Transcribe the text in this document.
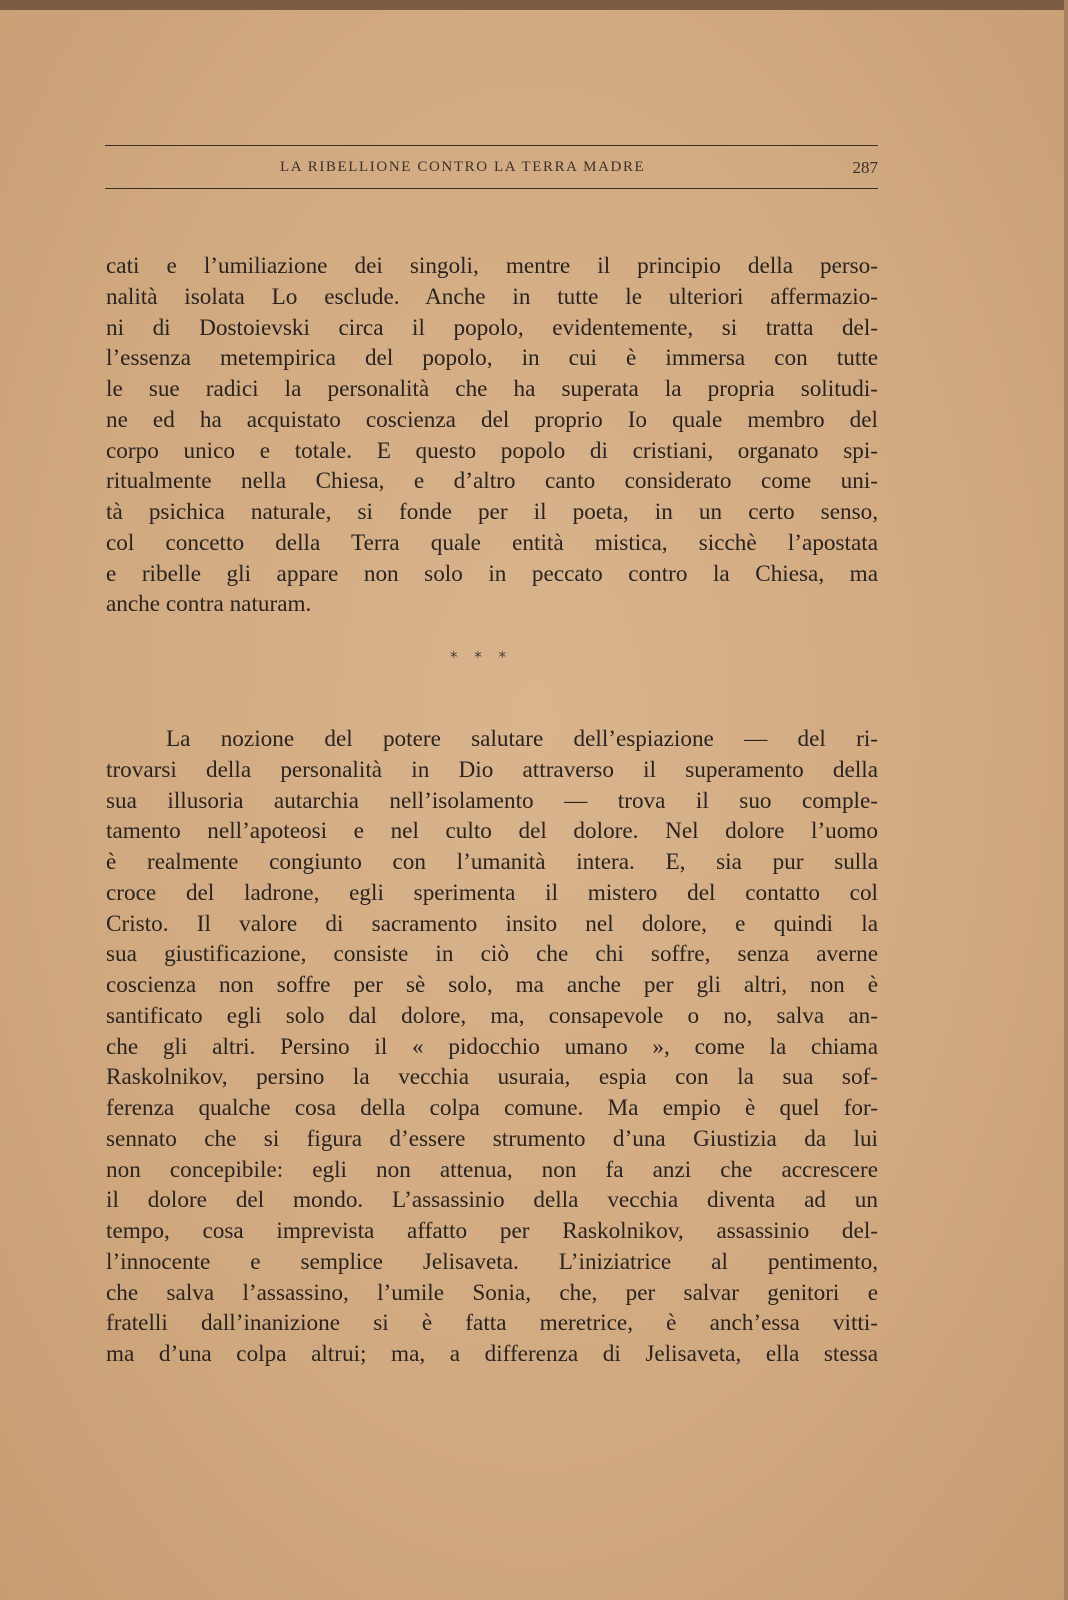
LA RIBELLIONE CONTRO LA TERRA MADRE	287
cati e l’umiliazione dei singoli, mentre il principio della perso-
nalità isolata Lo esclude. Anche in tutte le ulteriori affermazio-
ni di Dostoievski circa il popolo, evidentemente, si tratta del-
l’essenza metempirica del popolo, in cui è immersa con tutte
le sue radici la personalità che ha superata la propria solitudi-
ne ed ha acquistato coscienza del proprio Io quale membro del
corpo unico e totale. E questo popolo di cristiani, organato spi-
ritualmente nella Chiesa, e d’altro canto considerato come uni-
tà psichica naturale, si fonde per il poeta, in un certo senso,
col concetto della Terra quale entità mistica, sicchè l’apostata
e ribelle gli appare non solo in peccato contro la Chiesa, ma
anche contra naturam.
* * *
La nozione del potere salutare dell’espiazione — del ri-
trovarsi della personalità in Dio attraverso il superamento della
sua illusoria autarchia nell’isolamento — trova il suo comple-
tamento nell’apoteosi e nel culto del dolore. Nel dolore l’uomo
è realmente congiunto con l’umanità intera. E, sia pur sulla
croce del ladrone, egli sperimenta il mistero del contatto col
Cristo. Il valore di sacramento insito nel dolore, e quindi la
sua giustificazione, consiste in ciò che chi soffre, senza averne
coscienza non soffre per sè solo, ma anche per gli altri, non è
santificato egli solo dal dolore, ma, consapevole o no, salva an-
che gli altri. Persino il « pidocchio umano », come la chiama
Raskolnikov, persino la vecchia usuraia, espia con la sua sof-
ferenza qualche cosa della colpa comune. Ma empio è quel for-
sennato che si figura d’essere strumento d’una Giustizia da lui
non concepibile: egli non attenua, non fa anzi che accrescere
il dolore del mondo. L’assassinio della vecchia diventa ad un
tempo, cosa imprevista affatto per Raskolnikov, assassinio del-
l’innocente e semplice Jelisaveta. L’iniziatrice al pentimento,
che salva l’assassino, l’umile Sonia, che, per salvar genitori e
fratelli dall’inanizione si è fatta meretrice, è anch’essa vitti-
ma d’una colpa altrui; ma, a differenza di Jelisaveta, ella stessa
